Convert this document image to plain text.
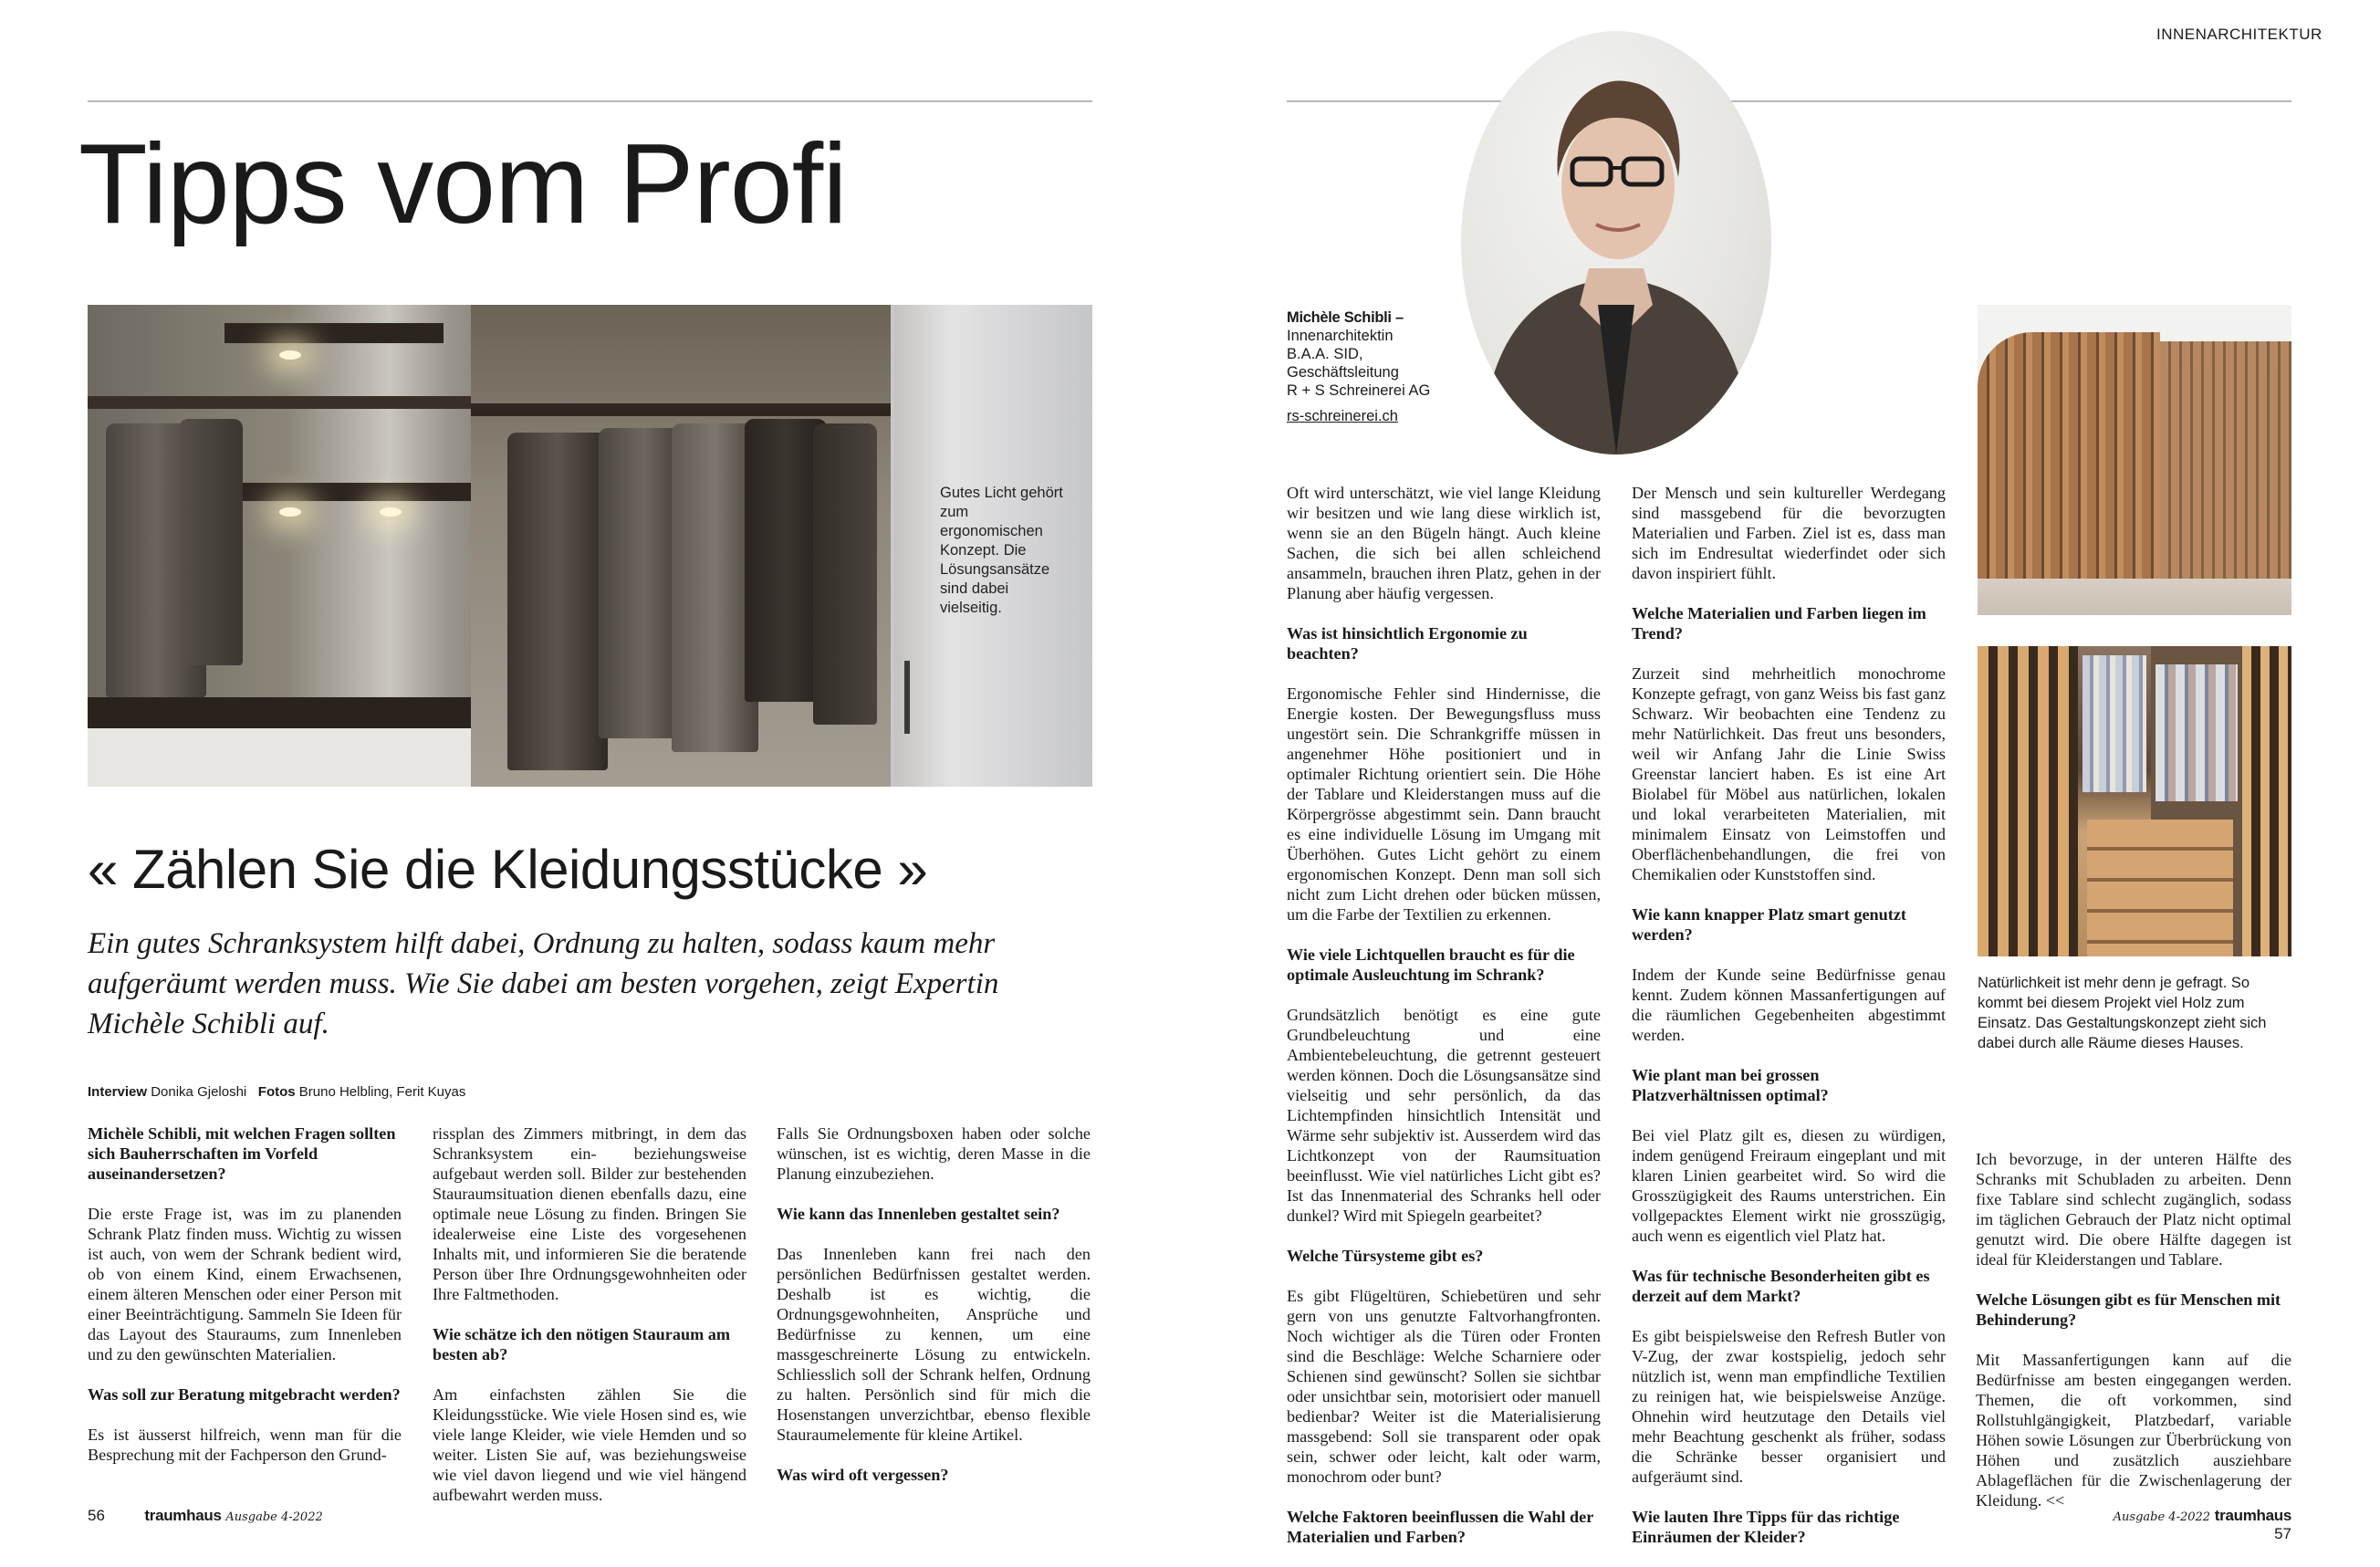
Tipps vom Profi
Gutes Licht gehört zum ergonomischen Konzept. Die Lösungsansätze sind dabei vielseitig.
« Zählen Sie die Kleidungsstücke »
Ein gutes Schranksystem hilft dabei, Ordnung zu halten, sodass kaum mehr aufgeräumt werden muss. Wie Sie dabei am besten vorgehen, zeigt Expertin Michèle Schibli auf.
Interview Donika Gjeloshi Fotos Bruno Helbling, Ferit Kuyas
Michèle Schibli, mit welchen Fragen sollten sich Bauherrschaften im Vorfeld auseinandersetzen?
Die erste Frage ist, was im zu planenden Schrank Platz finden muss. Wichtig zu wissen ist auch, von wem der Schrank bedient wird, ob von einem Kind, einem Erwachsenen, einem älteren Menschen oder einer Person mit einer Beeinträchtigung. Sammeln Sie Ideen für das Layout des Stauraums, zum Innenleben und zu den gewünschten Materialien.
Was soll zur Beratung mitgebracht werden?
Es ist äusserst hilfreich, wenn man für die Besprechung mit der Fachperson den Grund-
rissplan des Zimmers mitbringt, in dem das Schranksystem ein- beziehungsweise aufgebaut werden soll. Bilder zur bestehenden Stauraumsituation dienen ebenfalls dazu, eine optimale neue Lösung zu finden. Bringen Sie idealerweise eine Liste des vorgesehenen Inhalts mit, und informieren Sie die beratende Person über Ihre Ordnungsgewohnheiten oder Ihre Faltmethoden.
Wie schätze ich den nötigen Stauraum am besten ab?
Am einfachsten zählen Sie die Kleidungsstücke. Wie viele Hosen sind es, wie viele lange Kleider, wie viele Hemden und so weiter. Listen Sie auf, was beziehungsweise wie viel davon liegend und wie viel hängend aufbewahrt werden muss.
Falls Sie Ordnungsboxen haben oder solche wünschen, ist es wichtig, deren Masse in die Planung einzubeziehen.
Wie kann das Innenleben gestaltet sein?
Das Innenleben kann frei nach den persönlichen Bedürfnissen gestaltet werden. Deshalb ist es wichtig, die Ordnungsgewohnheiten, Ansprüche und Bedürfnisse zu kennen, um eine massgeschreinerte Lösung zu entwickeln. Schliesslich soll der Schrank helfen, Ordnung zu halten. Persönlich sind für mich die Hosenstangen unverzichtbar, ebenso flexible Stauraumelemente für kleine Artikel.
Was wird oft vergessen?
56	traumhaus Ausgabe 4-2022
INNENARCHITEKTUR
Michèle Schibli –
Innenarchitektin
B.A.A. SID,
Geschäftsleitung
R + S Schreinerei AG
rs-schreinerei.ch
Oft wird unterschätzt, wie viel lange Kleidung wir besitzen und wie lang diese wirklich ist, wenn sie an den Bügeln hängt. Auch kleine Sachen, die sich bei allen schleichend ansammeln, brauchen ihren Platz, gehen in der Planung aber häufig vergessen.
Was ist hinsichtlich Ergonomie zu beachten?
Ergonomische Fehler sind Hindernisse, die Energie kosten. Der Bewegungsfluss muss ungestört sein. Die Schrankgriffe müssen in angenehmer Höhe positioniert und in optimaler Richtung orientiert sein. Die Höhe der Tablare und Kleiderstangen muss auf die Körpergrösse abgestimmt sein. Dann braucht es eine individuelle Lösung im Umgang mit Überhöhen. Gutes Licht gehört zu einem ergonomischen Konzept. Denn man soll sich nicht zum Licht drehen oder bücken müssen, um die Farbe der Textilien zu erkennen.
Wie viele Lichtquellen braucht es für die optimale Ausleuchtung im Schrank?
Grundsätzlich benötigt es eine gute Grundbeleuchtung und eine Ambientebeleuchtung, die getrennt gesteuert werden können. Doch die Lösungsansätze sind vielseitig und sehr persönlich, da das Lichtempfinden hinsichtlich Intensität und Wärme sehr subjektiv ist. Ausserdem wird das Lichtkonzept von der Raumsituation beeinflusst. Wie viel natürliches Licht gibt es? Ist das Innenmaterial des Schranks hell oder dunkel? Wird mit Spiegeln gearbeitet?
Welche Türsysteme gibt es?
Es gibt Flügeltüren, Schiebetüren und sehr gern von uns genutzte Faltvorhangfronten. Noch wichtiger als die Türen oder Fronten sind die Beschläge: Welche Scharniere oder Schienen sind gewünscht? Sollen sie sichtbar oder unsichtbar sein, motorisiert oder manuell bedienbar? Weiter ist die Materialisierung massgebend: Soll sie transparent oder opak sein, schwer oder leicht, kalt oder warm, monochrom oder bunt?
Welche Faktoren beeinflussen die Wahl der Materialien und Farben?
Der Mensch und sein kultureller Werdegang sind massgebend für die bevorzugten Materialien und Farben. Ziel ist es, dass man sich im Endresultat wiederfindet oder sich davon inspiriert fühlt.
Welche Materialien und Farben liegen im Trend?
Zurzeit sind mehrheitlich monochrome Konzepte gefragt, von ganz Weiss bis fast ganz Schwarz. Wir beobachten eine Tendenz zu mehr Natürlichkeit. Das freut uns besonders, weil wir Anfang Jahr die Linie Swiss Greenstar lanciert haben. Es ist eine Art Biolabel für Möbel aus natürlichen, lokalen und lokal verarbeiteten Materialien, mit minimalem Einsatz von Leimstoffen und Oberflächenbehandlungen, die frei von Chemikalien oder Kunststoffen sind.
Wie kann knapper Platz smart genutzt werden?
Indem der Kunde seine Bedürfnisse genau kennt. Zudem können Massanfertigungen auf die räumlichen Gegebenheiten abgestimmt werden.
Wie plant man bei grossen Platzverhältnissen optimal?
Bei viel Platz gilt es, diesen zu würdigen, indem genügend Freiraum eingeplant und mit klaren Linien gearbeitet wird. So wird die Grosszügigkeit des Raums unterstrichen. Ein vollgepacktes Element wirkt nie grosszügig, auch wenn es eigentlich viel Platz hat.
Was für technische Besonderheiten gibt es derzeit auf dem Markt?
Es gibt beispielsweise den Refresh Butler von V-Zug, der zwar kostspielig, jedoch sehr nützlich ist, wenn man empfindliche Textilien zu reinigen hat, wie beispielsweise Anzüge. Ohnehin wird heutzutage den Details viel mehr Beachtung geschenkt als früher, sodass die Schränke besser organisiert und aufgeräumt sind.
Wie lauten Ihre Tipps für das richtige Einräumen der Kleider?
Natürlichkeit ist mehr denn je gefragt. So kommt bei diesem Projekt viel Holz zum Einsatz. Das Gestaltungskonzept zieht sich dabei durch alle Räume dieses Hauses.
Ich bevorzuge, in der unteren Hälfte des Schranks mit Schubladen zu arbeiten. Denn fixe Tablare sind schlecht zugänglich, sodass im täglichen Gebrauch der Platz nicht optimal genutzt wird. Die obere Hälfte dagegen ist ideal für Kleiderstangen und Tablare.
Welche Lösungen gibt es für Menschen mit Behinderung?
Mit Massanfertigungen kann auf die Bedürfnisse am besten eingegangen werden. Themen, die oft vorkommen, sind Rollstuhlgängigkeit, Platzbedarf, variable Höhen sowie Lösungen zur Überbrückung von Höhen und zusätzlich ausziehbare Ablageflächen für die Zwischenlagerung der Kleidung. <<
Ausgabe 4-2022 traumhaus  57
